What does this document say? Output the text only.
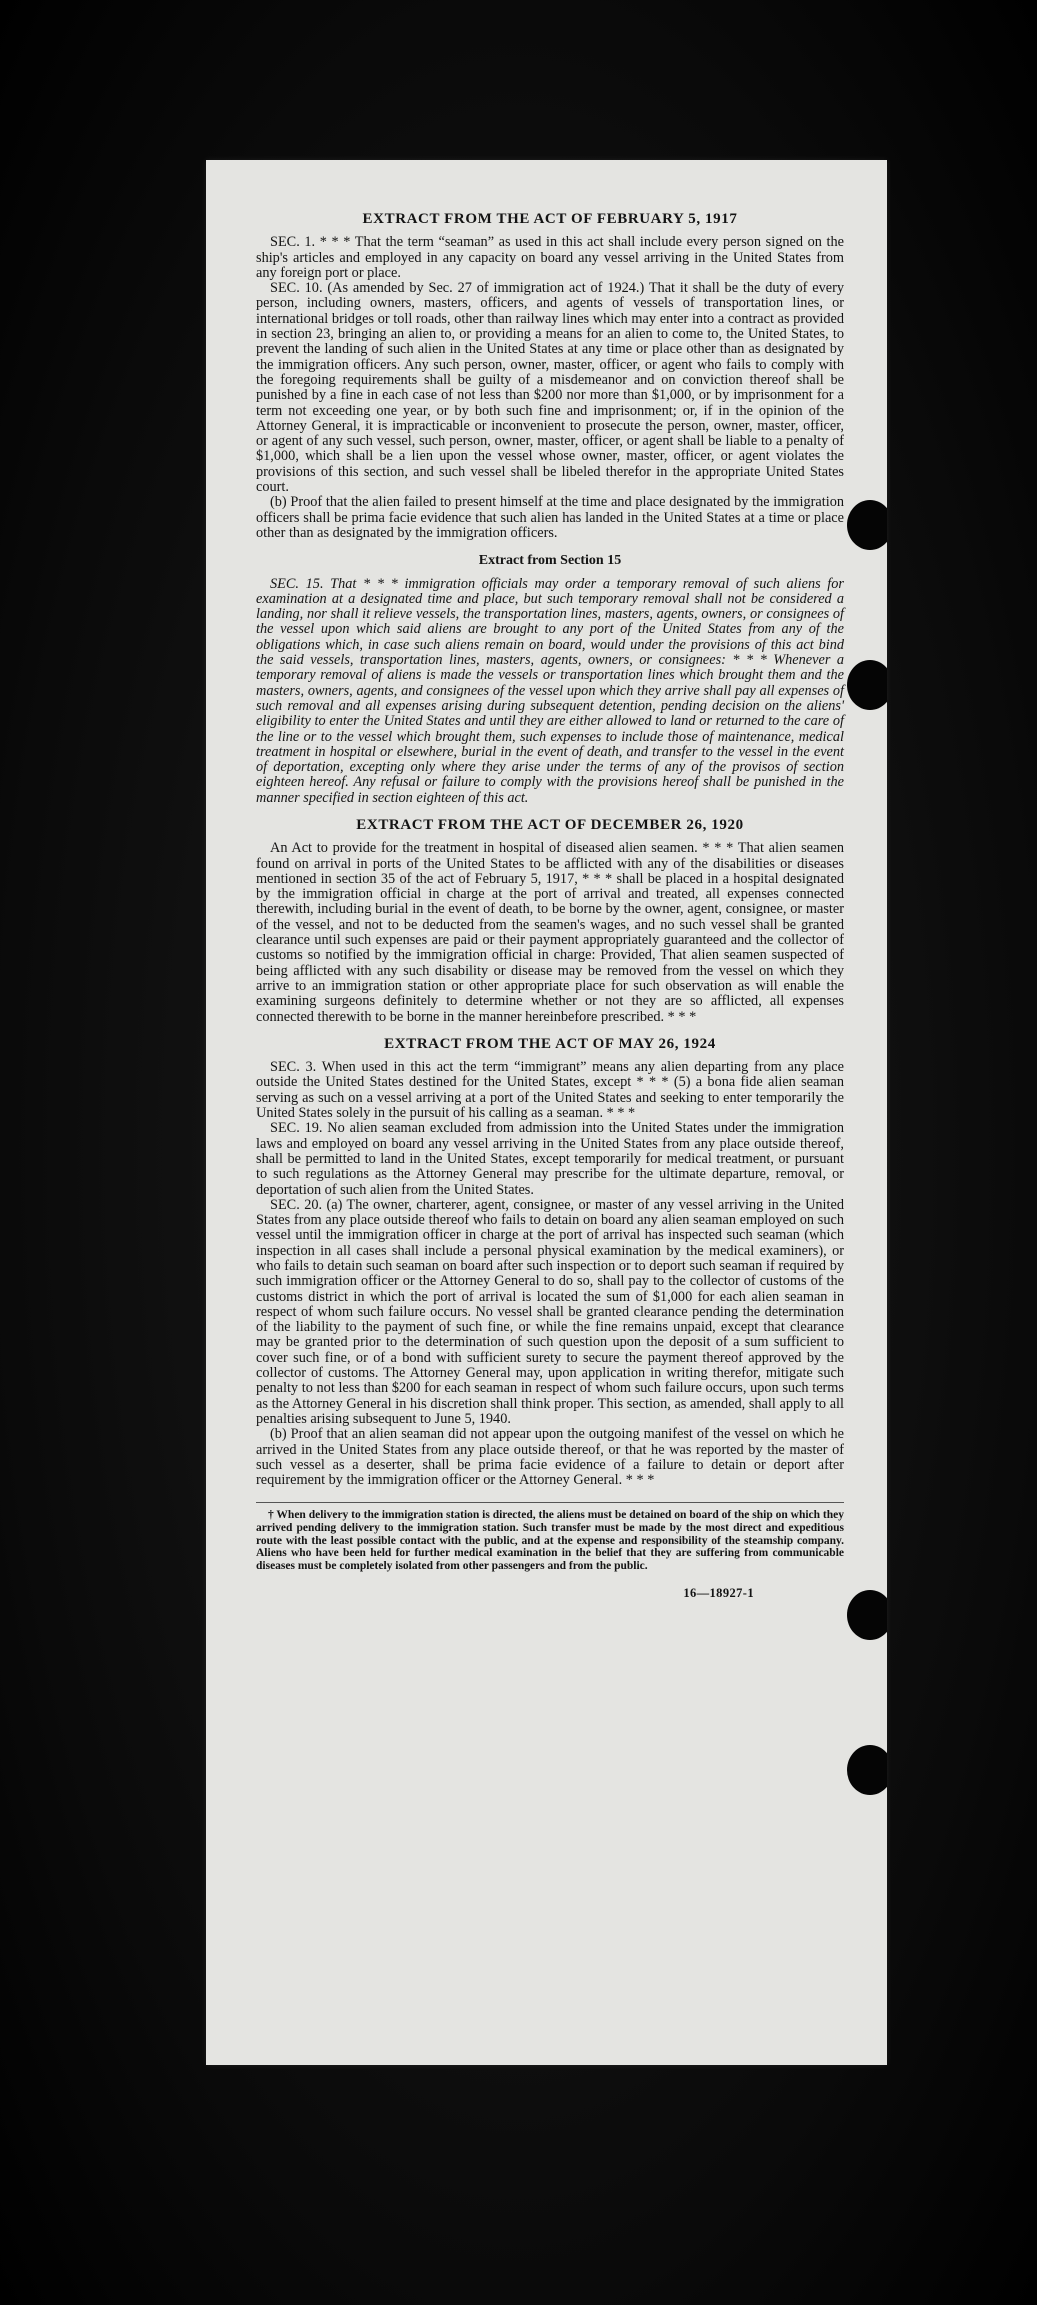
​	EXTRACT FROM THE ACT OF FEBRUARY 5, 1917

SEC. 1. * * * That the term “seaman” as used in this act shall include every person signed on the ship's articles and employed in any capacity on board any vessel arriving in the United States from any foreign port or place.

SEC. 10. (As amended by Sec. 27 of immigration act of 1924.) That it shall be the duty of every person, including owners, masters, officers, and agents of vessels of transportation lines, or international bridges or toll roads, other than railway lines which may enter into a contract as provided in section 23, bringing an alien to, or providing a means for an alien to come to, the United States, to prevent the landing of such alien in the United States at any time or place other than as designated by the immigration officers. Any such person, owner, master, officer, or agent who fails to comply with the foregoing requirements shall be guilty of a misdemeanor and on conviction thereof shall be punished by a fine in each case of not less than $200 nor more than $1,000, or by imprisonment for a term not exceeding one year, or by both such fine and imprisonment; or, if in the opinion of the Attorney General, it is impracticable or inconvenient to prosecute the person, owner, master, officer, or agent of any such vessel, such person, owner, master, officer, or agent shall be liable to a penalty of $1,000, which shall be a lien upon the vessel whose owner, master, officer, or agent violates the provisions of this section, and such vessel shall be libeled therefor in the appropriate United States court.

(b) Proof that the alien failed to present himself at the time and place designated by the immigration officers shall be prima facie evidence that such alien has landed in the United States at a time or place other than as designated by the immigration officers.

Extract from Section 15

SEC. 15. That * * * immigration officials may order a temporary removal of such aliens for examination at a designated time and place, but such temporary removal shall not be considered a landing, nor shall it relieve vessels, the transportation lines, masters, agents, owners, or consignees of the vessel upon which said aliens are brought to any port of the United States from any of the obligations which, in case such aliens remain on board, would under the provisions of this act bind the said vessels, transportation lines, masters, agents, owners, or consignees: * * * Whenever a temporary removal of aliens is made the vessels or transportation lines which brought them and the masters, owners, agents, and consignees of the vessel upon which they arrive shall pay all expenses of such removal and all expenses arising during subsequent detention, pending decision on the aliens' eligibility to enter the United States and until they are either allowed to land or returned to the care of the line or to the vessel which brought them, such expenses to include those of maintenance, medical treatment in hospital or elsewhere, burial in the event of death, and transfer to the vessel in the event of deportation, excepting only where they arise under the terms of any of the provisos of section eighteen hereof. Any refusal or failure to comply with the provisions hereof shall be punished in the manner specified in section eighteen of this act.

EXTRACT FROM THE ACT OF DECEMBER 26, 1920

An Act to provide for the treatment in hospital of diseased alien seamen. * * * That alien seamen found on arrival in ports of the United States to be afflicted with any of the disabilities or diseases mentioned in section 35 of the act of February 5, 1917, * * * shall be placed in a hospital designated by the immigration official in charge at the port of arrival and treated, all expenses connected therewith, including burial in the event of death, to be borne by the owner, agent, consignee, or master of the vessel, and not to be deducted from the seamen's wages, and no such vessel shall be granted clearance until such expenses are paid or their payment appropriately guaranteed and the collector of customs so notified by the immigration official in charge: Provided, That alien seamen suspected of being afflicted with any such disability or disease may be removed from the vessel on which they arrive to an immigration station or other appropriate place for such observation as will enable the examining surgeons definitely to determine whether or not they are so afflicted, all expenses connected therewith to be borne in the manner hereinbefore prescribed. * * *

EXTRACT FROM THE ACT OF MAY 26, 1924

SEC. 3. When used in this act the term “immigrant” means any alien departing from any place outside the United States destined for the United States, except * * * (5) a bona fide alien seaman serving as such on a vessel arriving at a port of the United States and seeking to enter temporarily the United States solely in the pursuit of his calling as a seaman. * * *

SEC. 19. No alien seaman excluded from admission into the United States under the immigration laws and employed on board any vessel arriving in the United States from any place outside thereof, shall be permitted to land in the United States, except temporarily for medical treatment, or pursuant to such regulations as the Attorney General may prescribe for the ultimate departure, removal, or deportation of such alien from the United States.

SEC. 20. (a) The owner, charterer, agent, consignee, or master of any vessel arriving in the United States from any place outside thereof who fails to detain on board any alien seaman employed on such vessel until the immigration officer in charge at the port of arrival has inspected such seaman (which inspection in all cases shall include a personal physical examination by the medical examiners), or who fails to detain such seaman on board after such inspection or to deport such seaman if required by such immigration officer or the Attorney General to do so, shall pay to the collector of customs of the customs district in which the port of arrival is located the sum of $1,000 for each alien seaman in respect of whom such failure occurs. No vessel shall be granted clearance pending the determination of the liability to the payment of such fine, or while the fine remains unpaid, except that clearance may be granted prior to the determination of such question upon the deposit of a sum sufficient to cover such fine, or of a bond with sufficient surety to secure the payment thereof approved by the collector of customs. The Attorney General may, upon application in writing therefor, mitigate such penalty to not less than $200 for each seaman in respect of whom such failure occurs, upon such terms as the Attorney General in his discretion shall think proper. This section, as amended, shall apply to all penalties arising subsequent to June 5, 1940.

(b) Proof that an alien seaman did not appear upon the outgoing manifest of the vessel on which he arrived in the United States from any place outside thereof, or that he was reported by the master of such vessel as a deserter, shall be prima facie evidence of a failure to detain or deport after requirement by the immigration officer or the Attorney General. * * *

† When delivery to the immigration station is directed, the aliens must be detained on board of the ship on which they arrived pending delivery to the immigration station. Such transfer must be made by the most direct and expeditious route with the least possible contact with the public, and at the expense and responsibility of the steamship company. Aliens who have been held for further medical examination in the belief that they are suffering from communicable diseases must be completely isolated from other passengers and from the public.
16—18927-1
